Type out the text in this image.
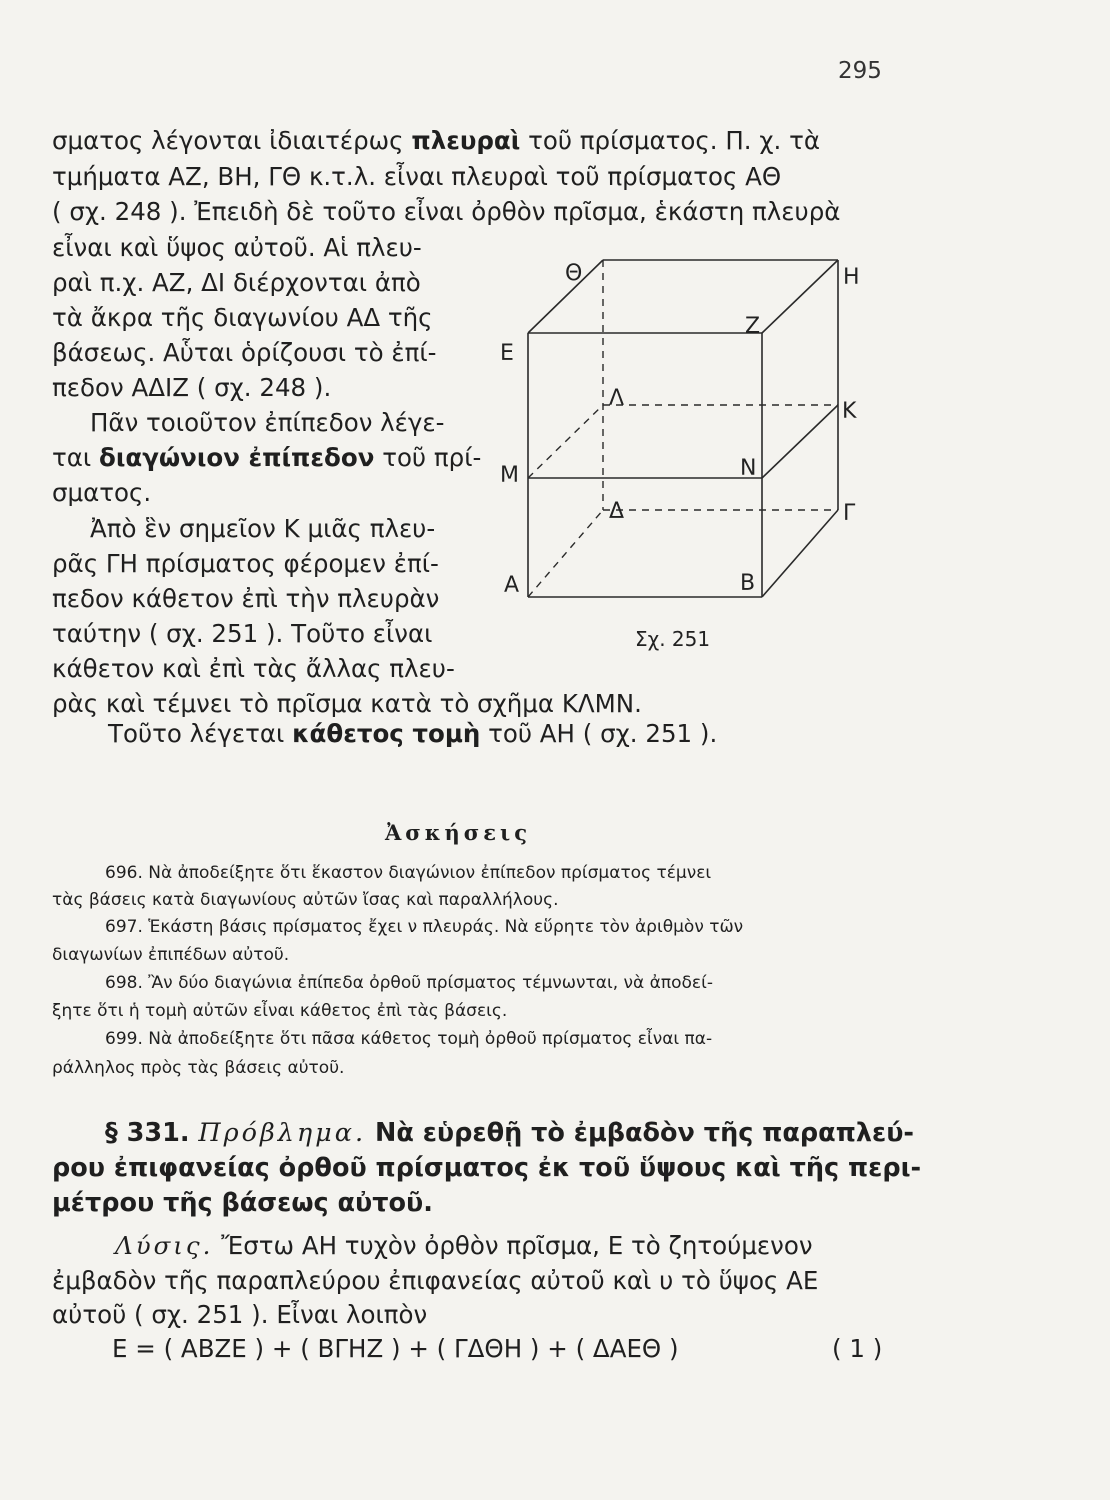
295
σματος λέγονται ἰδιαιτέρως πλευραὶ τοῦ πρίσματος. Π. χ. τὰ
τμήματα ΑΖ, ΒΗ, ΓΘ κ.τ.λ. εἶναι πλευραὶ τοῦ πρίσματος ΑΘ
( σχ. 248 ). Ἐπειδὴ δὲ τοῦτο εἶναι ὀρθὸν πρῖσμα, ἑκάστη πλευρὰ
εἶναι καὶ ὕψος αὐτοῦ. Αἱ πλευ-
ραὶ π.χ. ΑΖ, ΔΙ διέρχονται ἀπὸ
τὰ ἄκρα τῆς διαγωνίου ΑΔ τῆς
βάσεως. Αὗται ὁρίζουσι τὸ ἐπί-
πεδον ΑΔΙΖ ( σχ. 248 ).
Πᾶν τοιοῦτον ἐπίπεδον λέγε-
ται διαγώνιον ἐπίπεδον τοῦ πρί-
σματος.
Ἀπὸ ἓν σημεῖον Κ μιᾶς πλευ-
ρᾶς ΓΗ πρίσματος φέρομεν ἐπί-
πεδον κάθετον ἐπὶ τὴν πλευρὰν
ταύτην ( σχ. 251 ). Τοῦτο εἶναι
κάθετον καὶ ἐπὶ τὰς ἄλλας πλευ-
ρὰς καὶ τέμνει τὸ πρῖσμα κατὰ τὸ σχῆμα ΚΛΜΝ.
Τοῦτο λέγεται κάθετος τομὴ τοῦ ΑΗ ( σχ. 251 ).
Θ	Η
Ε
Ζ
Λ
Κ
Μ	Ν
Δ	Γ
Α	Β
Σχ. 251
Ἀσκήσεις
696. Νὰ ἀποδείξητε ὅτι ἕκαστον διαγώνιον ἐπίπεδον πρίσματος τέμνει
τὰς βάσεις κατὰ διαγωνίους αὐτῶν ἴσας καὶ παραλλήλους.
697. Ἑκάστη βάσις πρίσματος ἔχει ν πλευράς. Νὰ εὕρητε τὸν ἀριθμὸν τῶν
διαγωνίων ἐπιπέδων αὐτοῦ.
698. Ἂν δύο διαγώνια ἐπίπεδα ὀρθοῦ πρίσματος τέμνωνται, νὰ ἀποδεί-
ξητε ὅτι ἡ τομὴ αὐτῶν εἶναι κάθετος ἐπὶ τὰς βάσεις.
699. Νὰ ἀποδείξητε ὅτι πᾶσα κάθετος τομὴ ὀρθοῦ πρίσματος εἶναι πα-
ράλληλος πρὸς τὰς βάσεις αὐτοῦ.
§ 331. Πρόβλημα. Νὰ εὑρεθῇ τὸ ἐμβαδὸν τῆς παραπλεύ-
ρου ἐπιφανείας ὀρθοῦ πρίσματος ἐκ τοῦ ὕψους καὶ τῆς περι-
μέτρου τῆς βάσεως αὐτοῦ.
Λύσις. Ἔστω ΑΗ τυχὸν ὀρθὸν πρῖσμα, Ε τὸ ζητούμενον
ἐμβαδὸν τῆς παραπλεύρου ἐπιφανείας αὐτοῦ καὶ υ τὸ ὕψος ΑΕ
αὐτοῦ ( σχ. 251 ). Εἶναι λοιπὸν
Ε = ( ΑΒΖΕ ) + ( ΒΓΗΖ ) + ( ΓΔΘΗ ) + ( ΔΑΕΘ )	( 1 )
